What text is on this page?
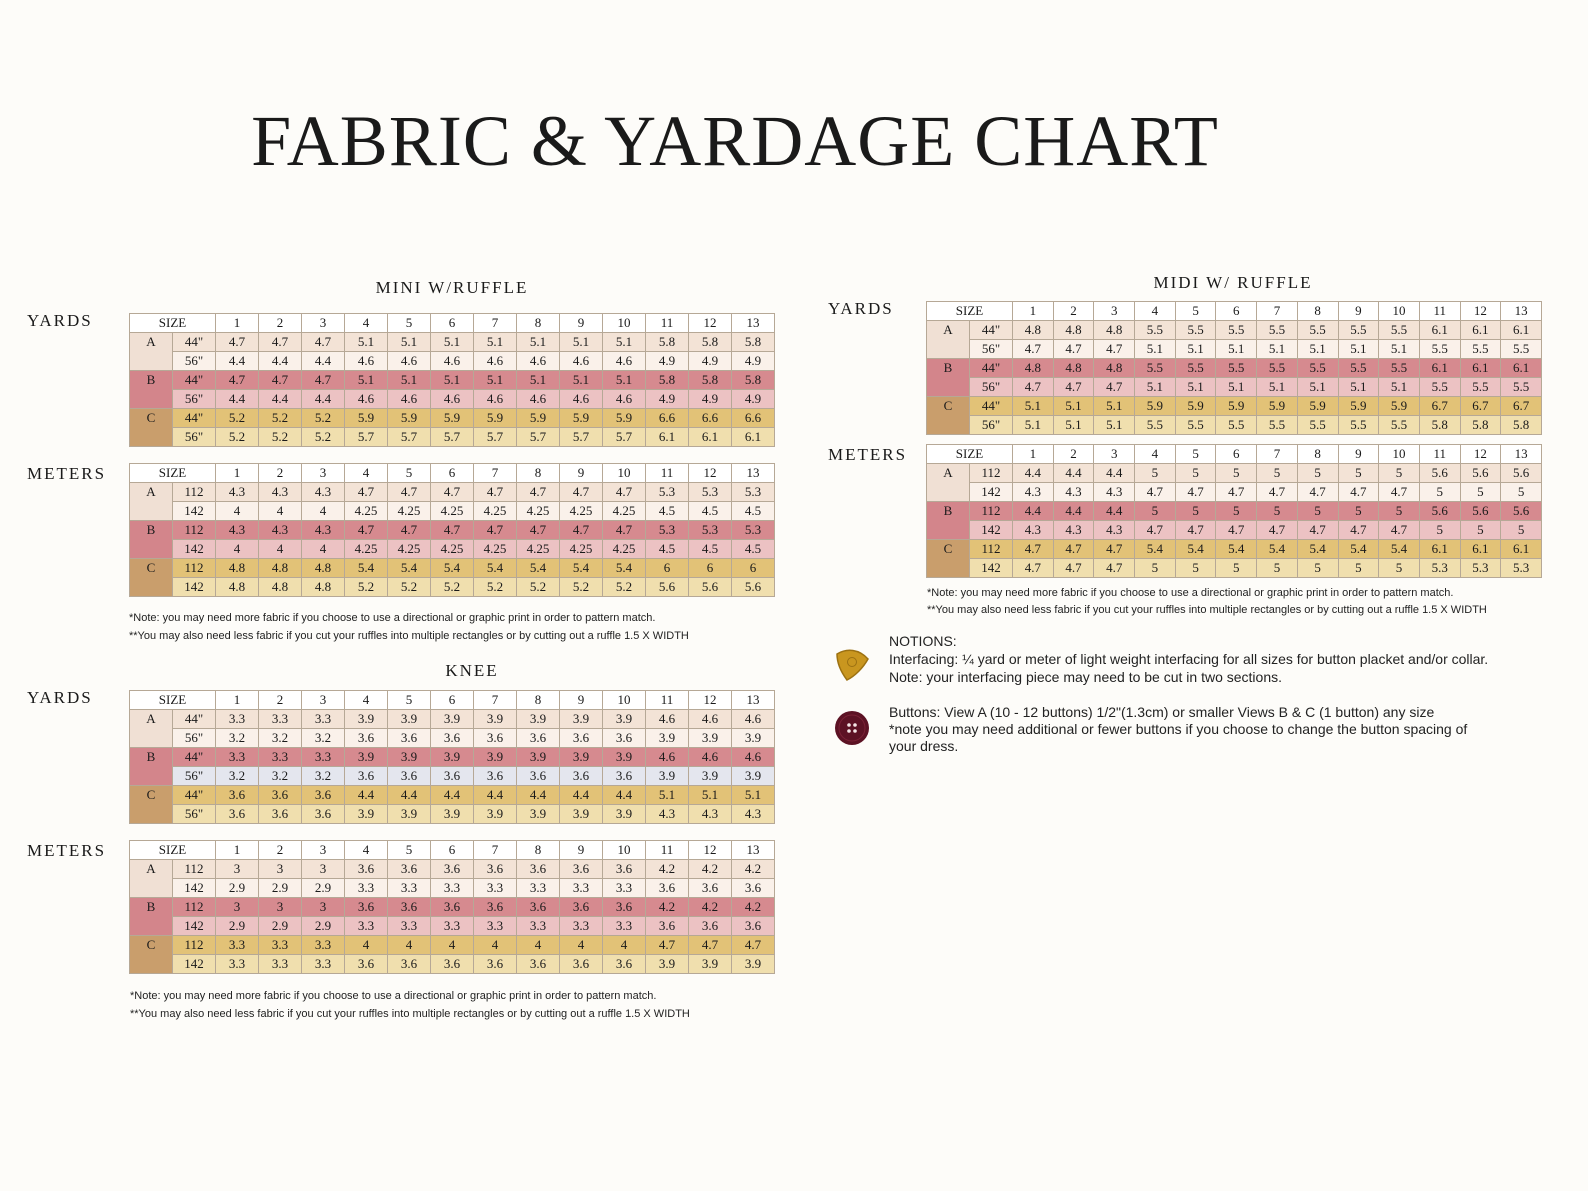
FABRIC & YARDAGE CHART
MINI W/RUFFLE
YARDS	SIZE		1	2	3	4	5	6	7	8	9	10	11	12	13
A	44"	4.7	4.7	4.7	5.1	5.1	5.1	5.1	5.1	5.1	5.1	5.8	5.8	5.8
	56"	4.4	4.4	4.4	4.6	4.6	4.6	4.6	4.6	4.6	4.6	4.9	4.9	4.9
B	44"	4.7	4.7	4.7	5.1	5.1	5.1	5.1	5.1	5.1	5.1	5.8	5.8	5.8
	56"	4.4	4.4	4.4	4.6	4.6	4.6	4.6	4.6	4.6	4.6	4.9	4.9	4.9
C	44"	5.2	5.2	5.2	5.9	5.9	5.9	5.9	5.9	5.9	5.9	6.6	6.6	6.6
	56"	5.2	5.2	5.2	5.7	5.7	5.7	5.7	5.7	5.7	5.7	6.1	6.1	6.1
METERS	SIZE		1	2	3	4	5	6	7	8	9	10	11	12	13
A	112	4.3	4.3	4.3	4.7	4.7	4.7	4.7	4.7	4.7	4.7	5.3	5.3	5.3
	142	4	4	4	4.25	4.25	4.25	4.25	4.25	4.25	4.25	4.5	4.5	4.5
B	112	4.3	4.3	4.3	4.7	4.7	4.7	4.7	4.7	4.7	4.7	5.3	5.3	5.3
	142	4	4	4	4.25	4.25	4.25	4.25	4.25	4.25	4.25	4.5	4.5	4.5
C	112	4.8	4.8	4.8	5.4	5.4	5.4	5.4	5.4	5.4	5.4	6	6	6
	142	4.8	4.8	4.8	5.2	5.2	5.2	5.2	5.2	5.2	5.2	5.6	5.6	5.6
*Note: you may need more fabric if you choose to use a directional or graphic print in order to pattern match.
**You may also need less fabric if you cut your ruffles into multiple rectangles or by cutting out a ruffle 1.5 X WIDTH
KNEE
YARDS	SIZE		1	2	3	4	5	6	7	8	9	10	11	12	13
A	44"	3.3	3.3	3.3	3.9	3.9	3.9	3.9	3.9	3.9	3.9	4.6	4.6	4.6
	56"	3.2	3.2	3.2	3.6	3.6	3.6	3.6	3.6	3.6	3.6	3.9	3.9	3.9
B	44"	3.3	3.3	3.3	3.9	3.9	3.9	3.9	3.9	3.9	3.9	4.6	4.6	4.6
	56"	3.2	3.2	3.2	3.6	3.6	3.6	3.6	3.6	3.6	3.6	3.9	3.9	3.9
C	44"	3.6	3.6	3.6	4.4	4.4	4.4	4.4	4.4	4.4	4.4	5.1	5.1	5.1
	56"	3.6	3.6	3.6	3.9	3.9	3.9	3.9	3.9	3.9	3.9	4.3	4.3	4.3
METERS	SIZE		1	2	3	4	5	6	7	8	9	10	11	12	13
A	112	3	3	3	3.6	3.6	3.6	3.6	3.6	3.6	3.6	4.2	4.2	4.2
	142	2.9	2.9	2.9	3.3	3.3	3.3	3.3	3.3	3.3	3.3	3.6	3.6	3.6
B	112	3	3	3	3.6	3.6	3.6	3.6	3.6	3.6	3.6	4.2	4.2	4.2
	142	2.9	2.9	2.9	3.3	3.3	3.3	3.3	3.3	3.3	3.3	3.6	3.6	3.6
C	112	3.3	3.3	3.3	4	4	4	4	4	4	4	4.7	4.7	4.7
	142	3.3	3.3	3.3	3.6	3.6	3.6	3.6	3.6	3.6	3.6	3.9	3.9	3.9
*Note: you may need more fabric if you choose to use a directional or graphic print in order to pattern match.
**You may also need less fabric if you cut your ruffles into multiple rectangles or by cutting out a ruffle 1.5 X WIDTH
MIDI W/ RUFFLE
YARDS	SIZE		1	2	3	4	5	6	7	8	9	10	11	12	13
A	44"	4.8	4.8	4.8	5.5	5.5	5.5	5.5	5.5	5.5	5.5	6.1	6.1	6.1
	56"	4.7	4.7	4.7	5.1	5.1	5.1	5.1	5.1	5.1	5.1	5.5	5.5	5.5
B	44"	4.8	4.8	4.8	5.5	5.5	5.5	5.5	5.5	5.5	5.5	6.1	6.1	6.1
	56"	4.7	4.7	4.7	5.1	5.1	5.1	5.1	5.1	5.1	5.1	5.5	5.5	5.5
C	44"	5.1	5.1	5.1	5.9	5.9	5.9	5.9	5.9	5.9	5.9	6.7	6.7	6.7
	56"	5.1	5.1	5.1	5.5	5.5	5.5	5.5	5.5	5.5	5.5	5.8	5.8	5.8
METERS	SIZE		1	2	3	4	5	6	7	8	9	10	11	12	13
A	112	4.4	4.4	4.4	5	5	5	5	5	5	5	5.6	5.6	5.6
	142	4.3	4.3	4.3	4.7	4.7	4.7	4.7	4.7	4.7	4.7	5	5	5
B	112	4.4	4.4	4.4	5	5	5	5	5	5	5	5.6	5.6	5.6
	142	4.3	4.3	4.3	4.7	4.7	4.7	4.7	4.7	4.7	4.7	5	5	5
C	112	4.7	4.7	4.7	5.4	5.4	5.4	5.4	5.4	5.4	5.4	6.1	6.1	6.1
	142	4.7	4.7	4.7	5	5	5	5	5	5	5	5.3	5.3	5.3
*Note: you may need more fabric if you choose to use a directional or graphic print in order to pattern match.
**You may also need less fabric if you cut your ruffles into multiple rectangles or by cutting out a ruffle 1.5 X WIDTH
NOTIONS:
Interfacing: ¼ yard or meter of light weight interfacing for all sizes for button placket and/or collar.
Note: your interfacing piece may need to be cut in two sections.
Buttons: View A (10 - 12 buttons) 1/2"(1.3cm) or smaller Views B & C (1 button) any size
*note you may need additional or fewer buttons if you choose to change the button spacing of
your dress.
